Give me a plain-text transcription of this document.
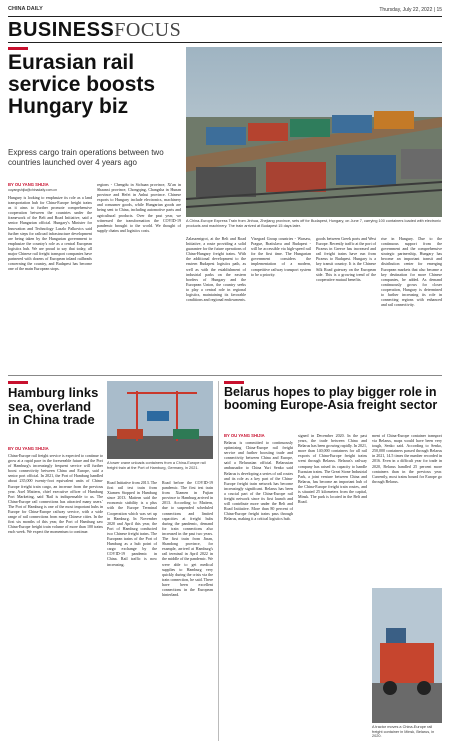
CHINA DAILY	Thursday, July 22, 2022 | 15
BUSINESSFOCUS
Eurasian rail service boosts Hungary biz
Express cargo train operations between two countries launched over 4 years ago
BY OU YANG SHIJIA
ouyangshijia@chinadaily.com.cn
Hungary is looking to emphasize its role as a land transportation hub for China-Europe freight trains as it aims to further promote comprehensive cooperation between the countries under the framework of the Belt and Road Initiative, said a senior Hungarian official. Hungary's Minister for Innovation and Technology Laszlo Palkovics said further steps for railroad infrastructure development are being taken by the Hungarian government to emphasize the country's role as a central European logistics hub. We are proud to say that today, all major Chinese rail freight transport companies have partnered with dozens of European inland railheads concerning the country, and Budapest has become one of the main European stops.
regions - Chengdu in Sichuan province, Xi'an in Shaanxi province, Chongqing, Changsha in Hunan province and Hefei in Anhui province. Chinese exports to Hungary include electronics, machinery and consumer goods, while Hungarian goods are being sent to China, including automotive parts and agricultural products. Over the past year, we witnessed the transformation the COVID-19 pandemic brought to the world. We thought of supply chains and logistics costs.
A China-Europe Express Train from Jinhua, Zhejiang province, sets off for Budapest, Hungary, on June 7, carrying 100 containers loaded with electronic products and machinery. The train arrived at Budapest 15 days later.
Zalaszentgrot, at the Belt and Road Initiative, a route providing a solid guarantee for the future operations of China-Hungary freight trains. With the additional development to the eastern Budapest logistics path, as well as with the establishment of industrial parks on the eastern borders of Hungary and the European Union, the country seeks to play a central role in regional logistics, maintaining its favorable conditions and regional endowments.
Visegrad Group countries - Warsaw, Prague, Bratislava and Budapest - will be accessible via high-speed rail for the first time. The Hungarian government considers the implementation of a modern, competitive railway transport system to be a priority.
goods between Greek ports and West Europe. Recently traffic at the port of Piraeus in Greece has increased and rail freight trains have run from Piraeus to Budapest. Hungary is a key transit country. It is the Chinese Silk Road gateway on the European side. This is a growing trend of the cooperative mutual benefits.
rise in Hungary. Due to the continuous support from the government and the comprehensive strategic partnership, Hungary has become an important transit and distribution center for emerging European markets that also became a key destination for more Chinese companies, he added. As demand continuously grows for closer cooperation, Hungary is determined to further increasing its role in connecting regions with enhanced and rail connectivity.
Hamburg links sea, overland in China trade
BY OU YANG SHIJIA
China-Europe rail freight service is expected to continue to grow at a rapid pace in the foreseeable future and the Port of Hamburg's increasingly frequent service will further boost connectivity between China and Europe, said a senior port official. In 2021, the Port of Hamburg handled about 235,000 twenty-foot equivalent units of China-Europe freight train cargo, an increase from the previous year. Axel Mattern, chief executive officer of Hamburg Port Marketing, said 'Rail is indispensable to us. The China-Europe rail connections has attracted many users.' The Port of Hamburg is one of the most important hubs in Europe for China-Europe railway service, with a wide range of rail connections from many Chinese cities. In the first six months of this year, the Port of Hamburg saw China-Europe freight train volume of more than 100 trains each week. We expect the momentum to continue.
A tower crane unloads containers from a China-Europe rail freight train at the Port of Hamburg, Germany, in 2021.
Road Initiative from 2013. The first rail test train from Xiamen Stopped in Hamburg since 2013. Mattern said the economic stability is a plus with the Europe Terminal Cooperation which was set up in Hamburg. In November 2020 and April this year, the Port of Hamburg conducted two Chinese freight trains. The European trains of the Port of Hamburg as a hub point of cargo exchange by the COVID-19 pandemic in China. Rail traffic is now increasing.
Road before the COVID-19 pandemic. The first test train from Xiamen in Fujian province to Hamburg arrived in 2013. According to Mattern, due to suspended scheduled connections and limited capacities at freight hubs during the pandemic, demand for train connections also increased in the past two years. The first train from Jinan, Shandong province, for example, arrived at Hamburg's rail terminal in April 2022 in the middle of the pandemic. We were able to get medical supplies to Hamburg very quickly during the crisis via the train connection, he said. There have been excellent connections in the European hinterland.
Belarus hopes to play bigger role in booming Europe-Asia freight sector
BY OU YANG SHIJIA
Belarus is committed to continuously optimizing China-Europe rail freight service and further boosting trade and connectivity between China and Europe, said a Belarusian official. Belarusian ambassador to China Yuri Senko said Belarus is developing a series of rail routes and its role as a key part of the China-Europe freight train network has become increasingly significant. Belarus has been a crucial part of the China-Europe rail freight network since its first launch and will contribute more under the Belt and Road Initiative. More than 80 percent of China-Europe freight trains pass through Belarus, making it a critical logistics hub.
signed in December 2020. In the past years, the trade between China and Belarus has been growing rapidly. In 2021, more than 140,000 containers for all rail exports of China-Europe freight trains went through Belarus. Belarus's railway company has raised its capacity to handle Eurasian trains. The Great Stone Industrial Park, a joint venture between China and Belarus, has become an important hub of the China-Europe freight train routes, and is situated 25 kilometers from the capital, Minsk. The park is located in the Belt and Road.
ment of China-Europe container transport via Belarus, maps would have been very tough, Senko said. According to Senko, 250,000 containers passed through Belarus in 2021, 14.5 times the number recorded in 2016. Even in a difficult year for trade in 2020, Belarus handled 25 percent more containers than in the previous year. Currently, most trains bound for Europe go through Belarus.
A tractor moves a China-Europe rail freight container in Minsk, Belarus, in 2020.
